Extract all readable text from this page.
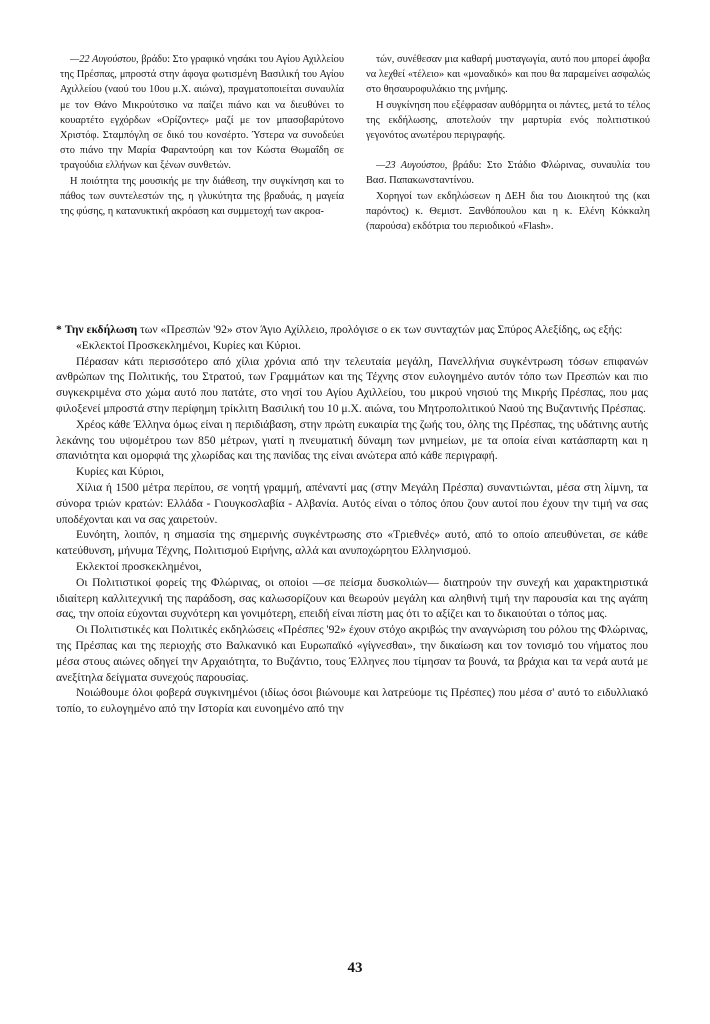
—22 Αυγούστου, βράδυ: Στο γραφικό νησάκι του Αγίου Αχιλλείου της Πρέσπας, μπροστά στην άφογα φωτισμένη Βασιλική του Αγίου Αχιλλείου (ναού του 10ου μ.Χ. αιώνα), πραγματοποιείται συναυλία με τον Θάνο Μικρούτσικο να παίζει πιάνο και να διευθύνει το κουαρτέτο εγχόρδων «Ορίζοντες» μαζί με τον μπασοβαρύτονο Χριστόφ. Σταμπόγλη σε δικό του κονσέρτο. Ύστερα να συνοδεύει στο πιάνο την Μαρία Φαραντούρη και τον Κώστα Θωμαΐδη σε τραγούδια ελλήνων και ξένων συνθετών.

Η ποιότητα της μουσικής με την διάθεση, την συγκίνηση και το πάθος των συντελεστών της, η γλυκύτητα της βραδυάς, η μαγεία της φύσης, η κατανυκτική ακρόαση και συμμετοχή των ακροα-

τών, συνέθεσαν μια καθαρή μυσταγωγία, αυτό που μπορεί άφοβα να λεχθεί «τέλειο» και «μοναδικό» και που θα παραμείνει ασφαλώς στο θησαυροφυλάκιο της μνήμης.

Η συγκίνηση που εξέφρασαν αυθόρμητα οι πάντες, μετά το τέλος της εκδήλωσης, αποτελούν την μαρτυρία ενός πολιτιστικού γεγονότος ανωτέρου περιγραφής.

—23 Αυγούστου, βράδυ: Στο Στάδιο Φλώρινας, συναυλία του Βασ. Παπακωνσταντίνου.

Χορηγοί των εκδηλώσεων η ΔΕΗ δια του Διοικητού της (και παρόντος) κ. Θεμιστ. Ξανθόπουλου και η κ. Ελένη Κόκκαλη (παρούσα) εκδότρια του περιοδικού «Flash».

* Την εκδήλωση των «Πρεσπών '92» στον Άγιο Αχίλλειο, προλόγισε ο εκ των συνταχτών μας Σπύρος Αλεξίδης, ως εξής:

«Εκλεκτοί Προσκεκλημένοι, Κυρίες και Κύριοι.

Πέρασαν κάτι περισσότερο από χίλια χρόνια από την τελευταία μεγάλη, Πανελλήνια συγκέντρωση τόσων επιφανών ανθρώπων της Πολιτικής, του Στρατού, των Γραμμάτων και της Τέχνης στον ευλογημένο αυτόν τόπο των Πρεσπών και πιο συγκεκριμένα στο χώμα αυτό που πατάτε, στο νησί του Αγίου Αχιλλείου, του μικρού νησιού της Μικρής Πρέσπας, που μας φιλοξενεί μπροστά στην περίφημη τρίκλιτη Βασιλική του 10 μ.Χ. αιώνα, του Μητροπολιτικού Ναού της Βυζαντινής Πρέσπας.

Χρέος κάθε Έλληνα όμως είναι η περιδιάβαση, στην πρώτη ευκαιρία της ζωής του, όλης της Πρέσπας, της υδάτινης αυτής λεκάνης του υψομέτρου των 850 μέτρων, γιατί η πνευματική δύναμη των μνημείων, με τα οποία είναι κατάσπαρτη και η σπανιότητα και ομορφιά της χλωρίδας και της πανίδας της είναι ανώτερα από κάθε περιγραφή.

Κυρίες και Κύριοι,

Χίλια ή 1500 μέτρα περίπου, σε νοητή γραμμή, απέναντί μας (στην Μεγάλη Πρέσπα) συναντιώνται, μέσα στη λίμνη, τα σύνορα τριών κρατών: Ελλάδα - Γιουγκοσλαβία - Αλβανία. Αυτός είναι ο τόπος όπου ζουν αυτοί που έχουν την τιμή να σας υποδέχονται και να σας χαιρετούν.

Ευνόητη, λοιπόν, η σημασία της σημερινής συγκέντρωσης στο «Τριεθνές» αυτό, από το οποίο απευθύνεται, σε κάθε κατεύθυνση, μήνυμα Τέχνης, Πολιτισμού Ειρήνης, αλλά και ανυποχώρητου Ελληνισμού.

Εκλεκτοί προσκεκλημένοι,

Οι Πολιτιστικοί φορείς της Φλώρινας, οι οποίοι —σε πείσμα δυσκολιών— διατηρούν την συνεχή και χαρακτηριστικά ιδιαίτερη καλλιτεχνική της παράδοση, σας καλωσορίζουν και θεωρούν μεγάλη και αληθινή τιμή την παρουσία και της αγάπη σας, την οποία εύχονται συχνότερη και γονιμότερη, επειδή είναι πίστη μας ότι το αξίζει και το δικαιούται ο τόπος μας.

Οι Πολιτιστικές και Πολιτικές εκδηλώσεις «Πρέσπες '92» έχουν στόχο ακριβώς την αναγνώριση του ρόλου της Φλώρινας, της Πρέσπας και της περιοχής στο Βαλκανικό και Ευρωπαϊκό «γίγνεσθαι», την δικαίωση και τον τονισμό του νήματος που μέσα στους αιώνες οδηγεί την Αρχαιότητα, το Βυζάντιο, τους Έλληνες που τίμησαν τα βουνά, τα βράχια και τα νερά αυτά με ανεξίτηλα δείγματα συνεχούς παρουσίας.

Νοιώθουμε όλοι φοβερά συγκινημένοι (ιδίως όσοι βιώνουμε και λατρεύομε τις Πρέσπες) που μέσα σ' αυτό το ειδυλλιακό τοπίο, το ευλογημένο από την Ιστορία και ευνοημένο από την

43
